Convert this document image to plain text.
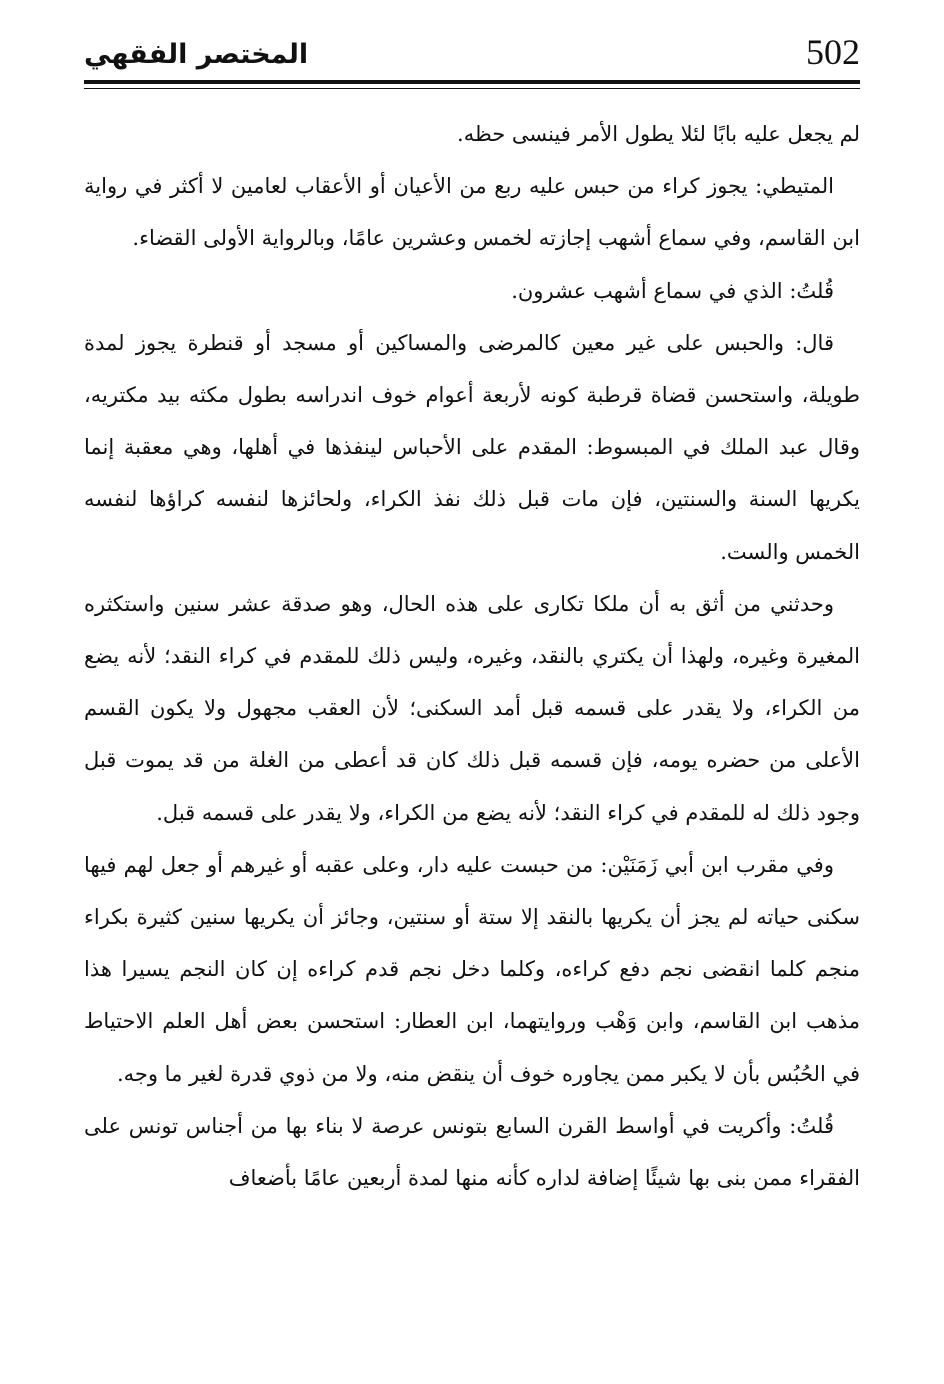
502
المختصر الفقهي

لم يجعل عليه بابًا لئلا يطول الأمر فينسى حظه.

المتيطي: يجوز كراء من حبس عليه ربع من الأعيان أو الأعقاب لعامين لا أكثر في رواية ابن القاسم، وفي سماع أشهب إجازته لخمس وعشرين عامًا، وبالرواية الأولى القضاء.

قُلتُ: الذي في سماع أشهب عشرون.

قال: والحبس على غير معين كالمرضى والمساكين أو مسجد أو قنطرة يجوز لمدة طويلة، واستحسن قضاة قرطبة كونه لأربعة أعوام خوف اندراسه بطول مكثه بيد مكتريه، وقال عبد الملك في المبسوط: المقدم على الأحباس لينفذها في أهلها، وهي معقبة إنما يكريها السنة والسنتين، فإن مات قبل ذلك نفذ الكراء، ولحائزها لنفسه كراؤها لنفسه الخمس والست.

وحدثني من أثق به أن ملكا تكارى على هذه الحال، وهو صدقة عشر سنين واستكثره المغيرة وغيره، ولهذا أن يكتري بالنقد، وغيره، وليس ذلك للمقدم في كراء النقد؛ لأنه يضع من الكراء، ولا يقدر على قسمه قبل أمد السكنى؛ لأن العقب مجهول ولا يكون القسم الأعلى من حضره يومه، فإن قسمه قبل ذلك كان قد أعطى من الغلة من قد يموت قبل وجود ذلك له للمقدم في كراء النقد؛ لأنه يضع من الكراء، ولا يقدر على قسمه قبل.

وفي مقرب ابن أبي زَمَنَيْن: من حبست عليه دار، وعلى عقبه أو غيرهم أو جعل لهم فيها سكنى حياته لم يجز أن يكريها بالنقد إلا ستة أو سنتين، وجائز أن يكريها سنين كثيرة بكراء منجم كلما انقضى نجم دفع كراءه، وكلما دخل نجم قدم كراءه إن كان النجم يسيرا هذا مذهب ابن القاسم، وابن وَهْب وروايتهما، ابن العطار: استحسن بعض أهل العلم الاحتياط في الحُبُس بأن لا يكبر ممن يجاوره خوف أن ينقض منه، ولا من ذوي قدرة لغير ما وجه.

قُلتُ: وأكريت في أواسط القرن السابع بتونس عرصة لا بناء بها من أجناس تونس على الفقراء ممن بنى بها شيئًا إضافة لداره كأنه منها لمدة أربعين عامًا بأضعاف
